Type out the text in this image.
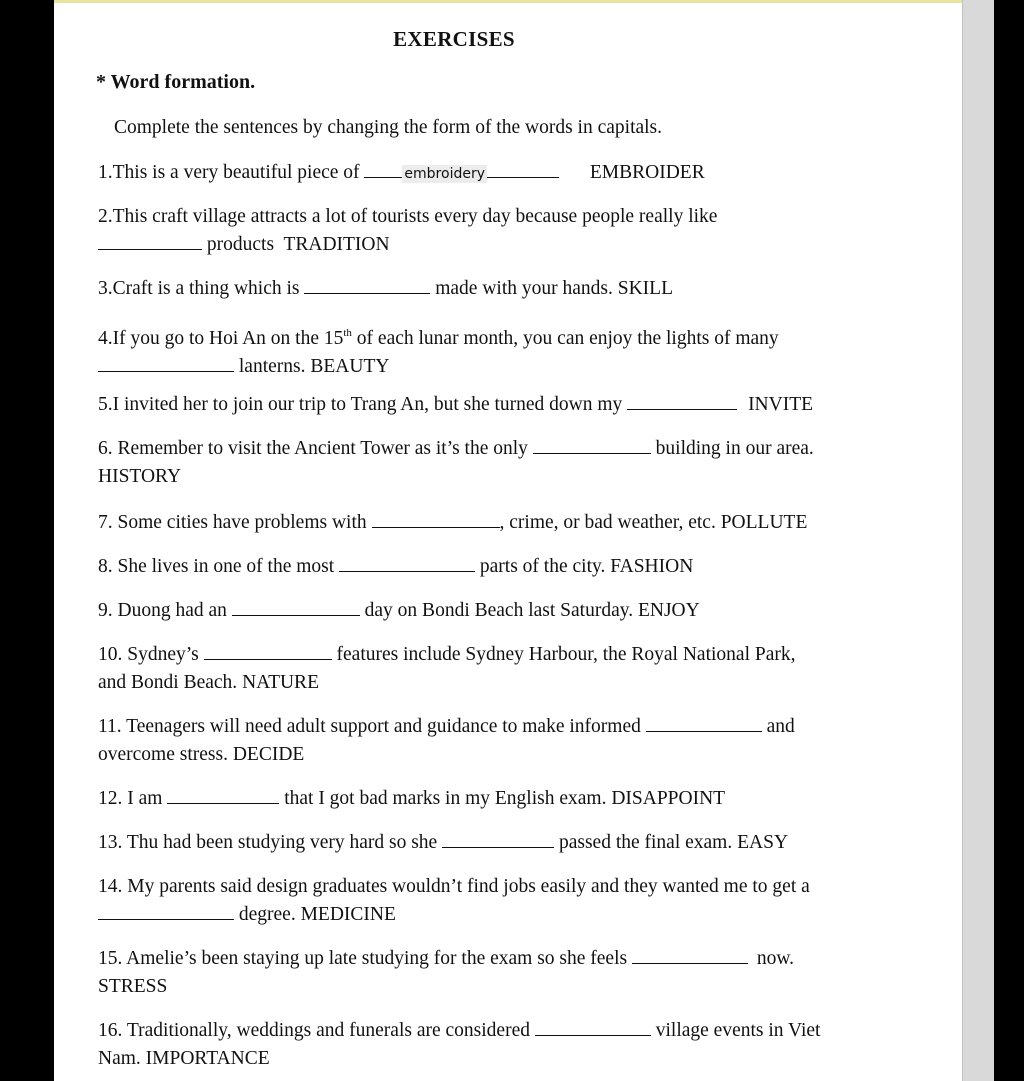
EXERCISES
* Word formation.
Complete the sentences by changing the form of the words in capitals.
1.This is a very beautiful piece of	embroidery	EMBROIDER
2.This craft village attracts a lot of tourists every day because people really like
products TRADITION
3.Craft is a thing which is	made with your hands. SKILL
4.If you go to Hoi An on the 15th of each lunar month, you can enjoy the lights of many
lanterns. BEAUTY
5.I invited her to join our trip to Trang An, but she turned down my	INVITE
6. Remember to visit the Ancient Tower as it’s the only	building in our area.
HISTORY
7. Some cities have problems with	, crime, or bad weather, etc. POLLUTE
8. She lives in one of the most	parts of the city. FASHION
9. Duong had an	day on Bondi Beach last Saturday. ENJOY
10. Sydney’s	features include Sydney Harbour, the Royal National Park,
and Bondi Beach. NATURE
11. Teenagers will need adult support and guidance to make informed	and
overcome stress. DECIDE
12. I am	that I got bad marks in my English exam. DISAPPOINT
13. Thu had been studying very hard so she	passed the final exam. EASY
14. My parents said design graduates wouldn’t find jobs easily and they wanted me to get a
degree. MEDICINE
15. Amelie’s been staying up late studying for the exam so she feels	now.
STRESS
16. Traditionally, weddings and funerals are considered	village events in Viet
Nam. IMPORTANCE
